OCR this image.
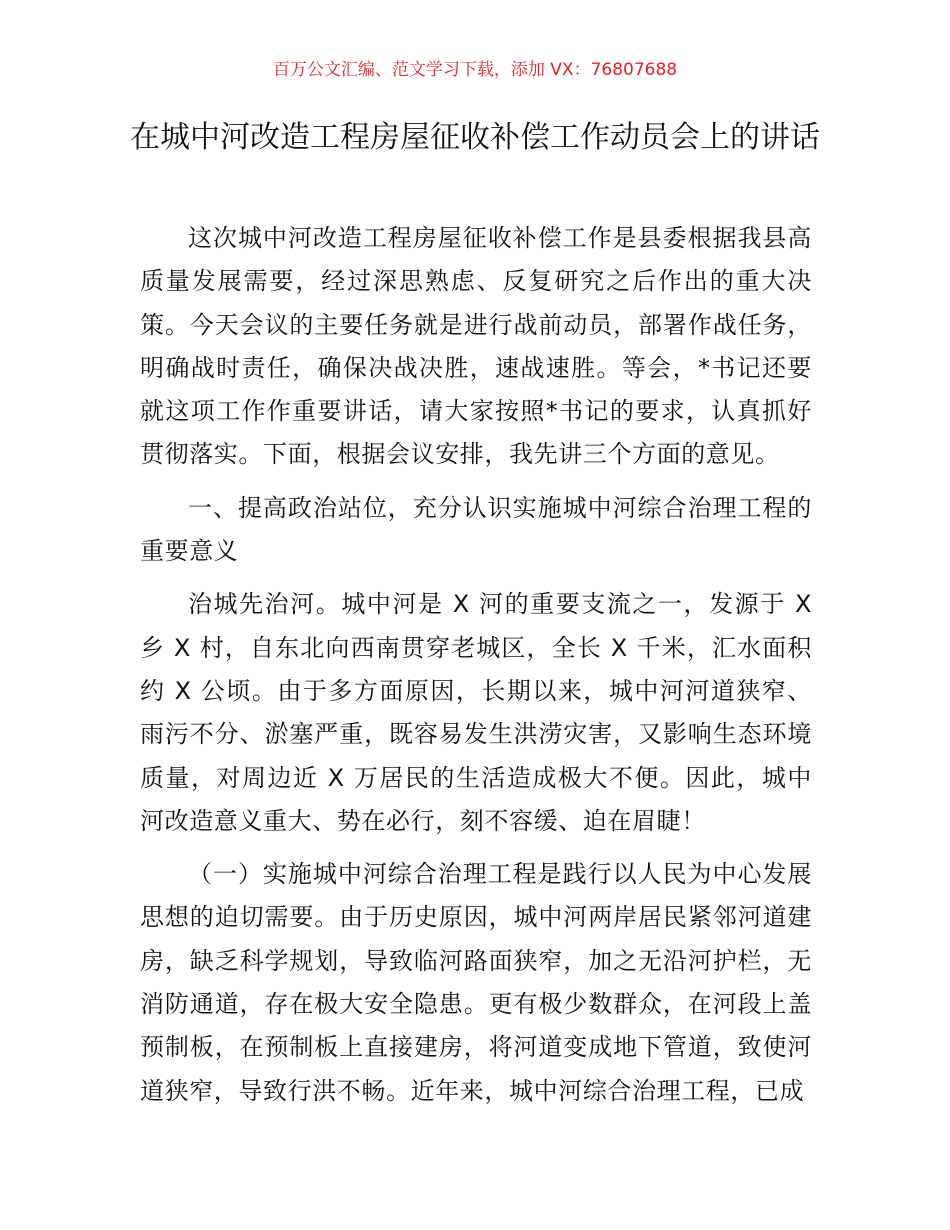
百万公文汇编、范文学习下载，添加 VX：76807688
在城中河改造工程房屋征收补偿工作动员会上的讲话

这次城中河改造工程房屋征收补偿工作是县委根据我县高质量发展需要，经过深思熟虑、反复研究之后作出的重大决策。今天会议的主要任务就是进行战前动员，部署作战任务，明确战时责任，确保决战决胜，速战速胜。等会，*书记还要就这项工作作重要讲话，请大家按照*书记的要求，认真抓好贯彻落实。下面，根据会议安排，我先讲三个方面的意见。

一、提高政治站位，充分认识实施城中河综合治理工程的重要意义

治城先治河。城中河是 X 河的重要支流之一，发源于 X 乡 X 村，自东北向西南贯穿老城区，全长 X 千米，汇水面积约 X 公顷。由于多方面原因，长期以来，城中河河道狭窄、雨污不分、淤塞严重，既容易发生洪涝灾害，又影响生态环境质量，对周边近 X 万居民的生活造成极大不便。因此，城中河改造意义重大、势在必行，刻不容缓、迫在眉睫！

（一）实施城中河综合治理工程是践行以人民为中心发展思想的迫切需要。由于历史原因，城中河两岸居民紧邻河道建房，缺乏科学规划，导致临河路面狭窄，加之无沿河护栏，无消防通道，存在极大安全隐患。更有极少数群众，在河段上盖预制板，在预制板上直接建房，将河道变成地下管道，致使河道狭窄，导致行洪不畅。近年来，城中河综合治理工程，已成
